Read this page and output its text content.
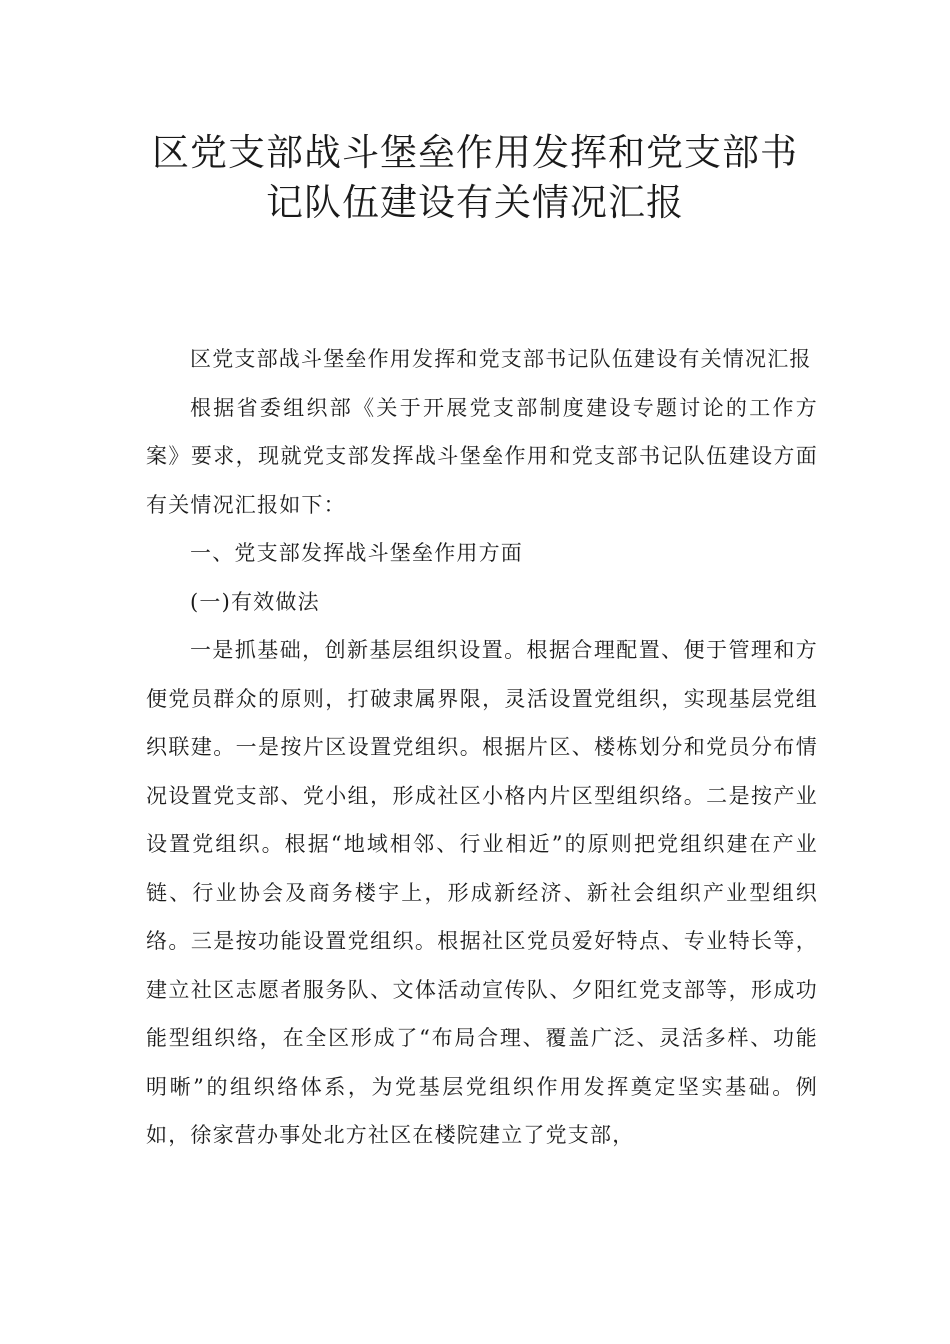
区党支部战斗堡垒作用发挥和党支部书
记队伍建设有关情况汇报

区党支部战斗堡垒作用发挥和党支部书记队伍建设有关情况汇报

根据省委组织部《关于开展党支部制度建设专题讨论的工作方案》要求，现就党支部发挥战斗堡垒作用和党支部书记队伍建设方面有关情况汇报如下：

一、党支部发挥战斗堡垒作用方面

(一)有效做法

一是抓基础，创新基层组织设置。根据合理配置、便于管理和方便党员群众的原则，打破隶属界限，灵活设置党组织，实现基层党组织联建。一是按片区设置党组织。根据片区、楼栋划分和党员分布情况设置党支部、党小组，形成社区小格内片区型组织络。二是按产业设置党组织。根据“地域相邻、行业相近”的原则把党组织建在产业链、行业协会及商务楼宇上，形成新经济、新社会组织产业型组织络。三是按功能设置党组织。根据社区党员爱好特点、专业特长等，建立社区志愿者服务队、文体活动宣传队、夕阳红党支部等，形成功能型组织络，在全区形成了“布局合理、覆盖广泛、灵活多样、功能明晰”的组织络体系，为党基层党组织作用发挥奠定坚实基础。例如，徐家营办事处北方社区在楼院建立了党支部，
